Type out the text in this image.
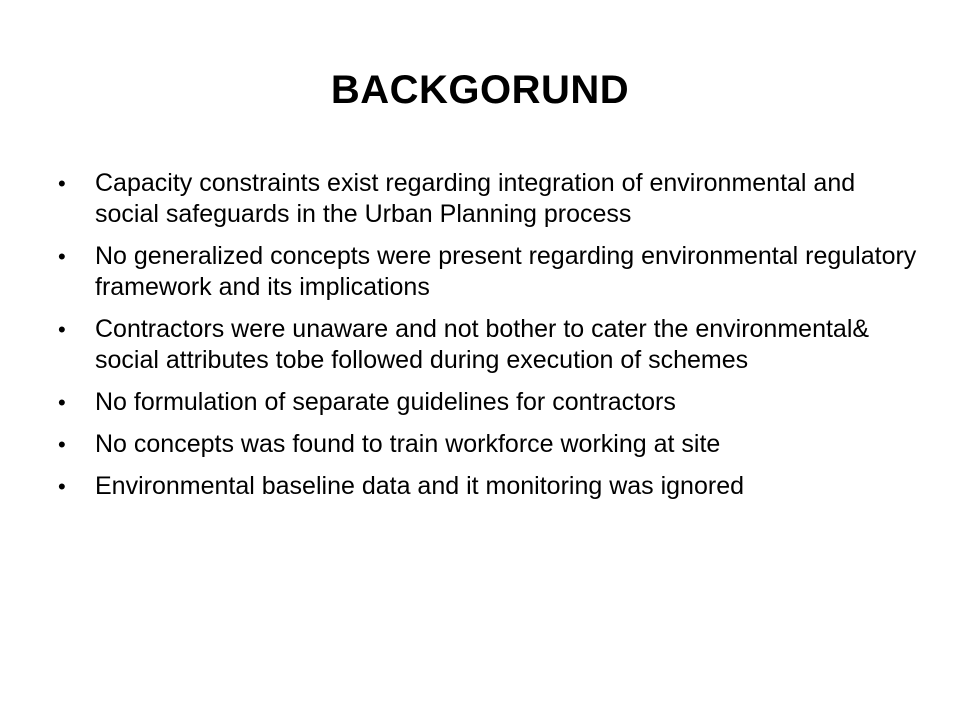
BACKGORUND
•	Capacity constraints exist regarding integration of environmental and social safeguards in the Urban Planning process
•	No generalized concepts were present regarding environmental regulatory framework and its implications
•	Contractors were unaware and not bother to cater the environmental& social attributes tobe followed during execution of schemes
•	No formulation of separate guidelines for contractors
•	No concepts was found to train workforce working at site
•	Environmental baseline data and it monitoring was ignored
